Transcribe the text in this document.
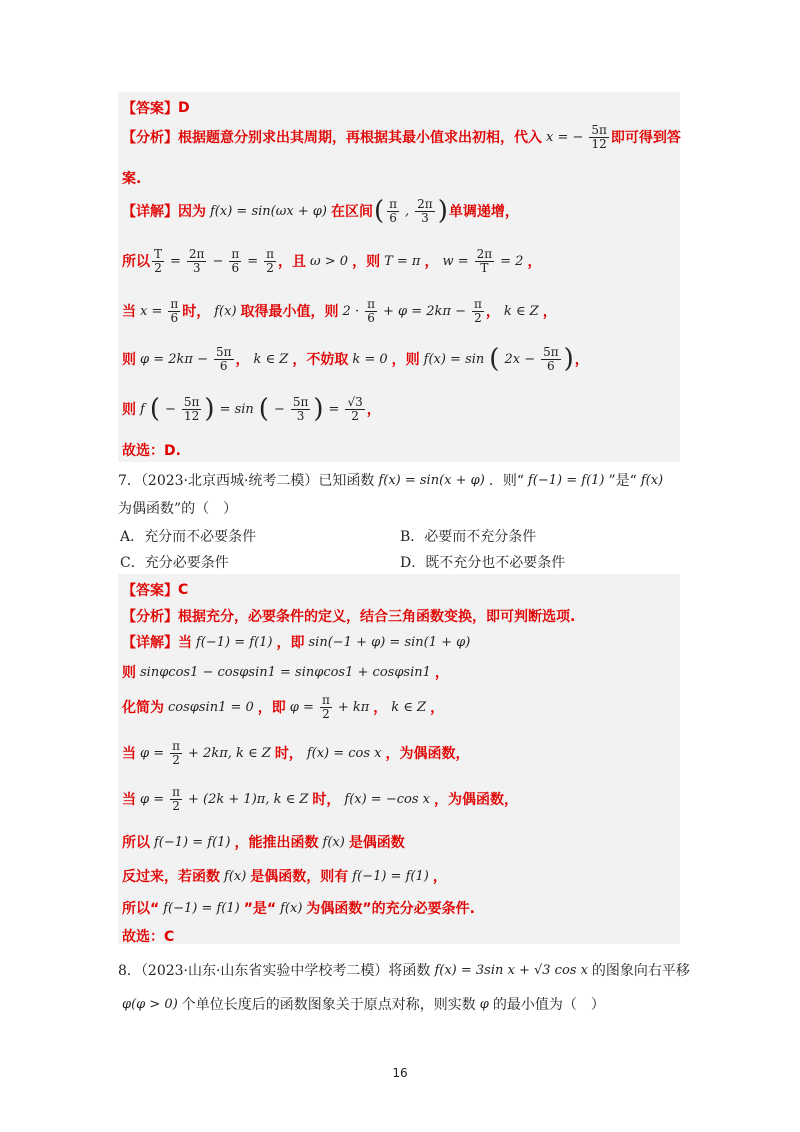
【答案】 D
【分析】 根据题意分别求出其周期，再根据其最小值求出初相，代入 x = − $\frac{5\pi}{12}$ 即可得到答
案.
【详解】 因为 f(x) = sin(ωx + φ) 在区间 ( $\frac{\pi}{6}$ , $\frac{2\pi}{3}$ ) 单调递增，
所以 $\frac{T}{2} = \frac{2\pi}{3} - \frac{\pi}{6} = \frac{\pi}{2}$ ，且 ω > 0 ，则 T = π ， $w = \frac{2\pi}{T} = 2$ ，
当 $x = \frac{\pi}{6}$ 时， f(x) 取得最小值，则 $2 \cdot \frac{\pi}{6} + \varphi = 2k\pi - \frac{\pi}{2}$ ， k ∈ Z ，
则 $\varphi = 2k\pi - \frac{5\pi}{6}$ ， k ∈ Z ，不妨取 k = 0 ，则 f(x) = sin ( $2x - \frac{5\pi}{6}$ ) ，
则 f ( − $\frac{5\pi}{12}$ ) = sin ( − $\frac{5\pi}{3}$ ) = $\frac{√3}{2}$ ，
故选：D.
7．（2023·北京西城·统考二模）已知函数 f(x) = sin(x + φ) ．则“ f(−1) = f(1) ”是“ f(x)
为偶函数”的（　）
A．充分而不必要条件	B．必要而不充分条件
C．充分必要条件	D．既不充分也不必要条件
【答案】 C
【分析】 根据充分，必要条件的定义，结合三角函数变换，即可判断选项.
【详解】 当 f(−1) = f(1) ，即 sin(−1 + φ) = sin(1 + φ)
则 sinφcos1 − cosφsin1 = sinφcos1 + cosφsin1 ，
化简为 cosφsin1 = 0 ，即 $\varphi = \frac{\pi}{2} + k\pi$ ， k ∈ Z ，
当 $\varphi = \frac{\pi}{2} + 2k\pi$, k ∈ Z 时， f(x) = cos x ，为偶函数，
当 $\varphi = \frac{\pi}{2} + (2k + 1)\pi$, k ∈ Z 时， f(x) = −cos x ，为偶函数，
所以 f(−1) = f(1) ，能推出函数 f(x) 是偶函数
反过来，若函数 f(x) 是偶函数，则有 f(−1) = f(1) ，
所以“ f(−1) = f(1) ”是“ f(x) 为偶函数”的充分必要条件.
故选：C
8．（2023·山东·山东省实验中学校考二模）将函数 f(x) = 3sin x + √3 cos x 的图象向右平移
φ(φ > 0) 个单位长度后的函数图象关于原点对称，则实数 φ 的最小值为（　）
16
